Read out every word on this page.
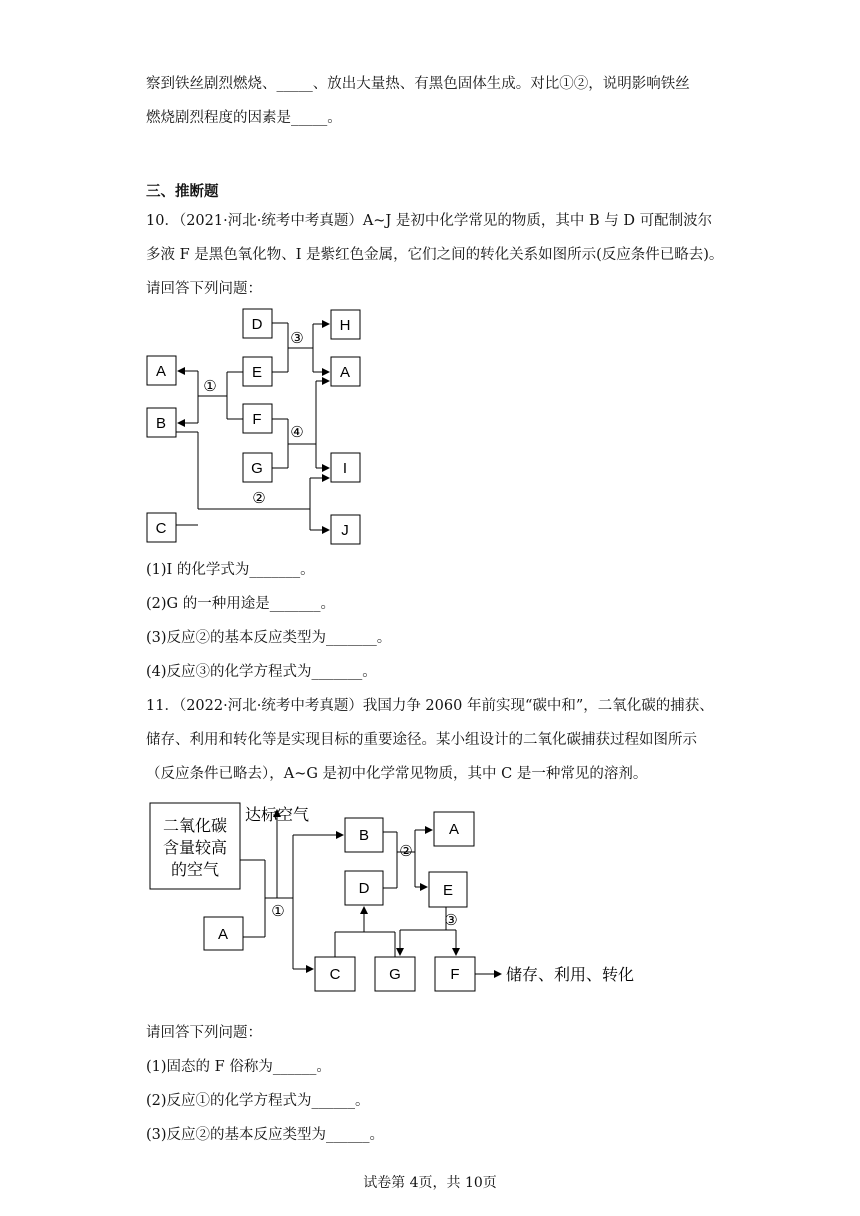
察到铁丝剧烈燃烧、_____、放出大量热、有黑色固体生成。对比①②，说明影响铁丝
燃烧剧烈程度的因素是_____。
三、推断题
10．（2021·河北·统考中考真题）A~J 是初中化学常见的物质，其中 B 与 D 可配制波尔
多液 F 是黑色氧化物、I 是紫红色金属，它们之间的转化关系如图所示(反应条件已略去)。
请回答下列问题：
D	H
A	E	A
B	F
G	I
C	J
①
③
④
②
(1)I 的化学式为_______。
(2)G 的一种用途是_______。
(3)反应②的基本反应类型为_______。
(4)反应③的化学方程式为_______。
11．（2022·河北·统考中考真题）我国力争 2060 年前实现“碳中和”，二氧化碳的捕获、
储存、利用和转化等是实现目标的重要途径。某小组设计的二氧化碳捕获过程如图所示
（反应条件已略去），A~G 是初中化学常见物质，其中 C 是一种常见的溶剂。
二氧化碳
含量较高
的空气
达标空气
储存、利用、转化
B	A
D	E
A
C	G	F
①
②
③
请回答下列问题：
(1)固态的 F 俗称为______。
(2)反应①的化学方程式为______。
(3)反应②的基本反应类型为______。
试卷第 4页，共 10页
